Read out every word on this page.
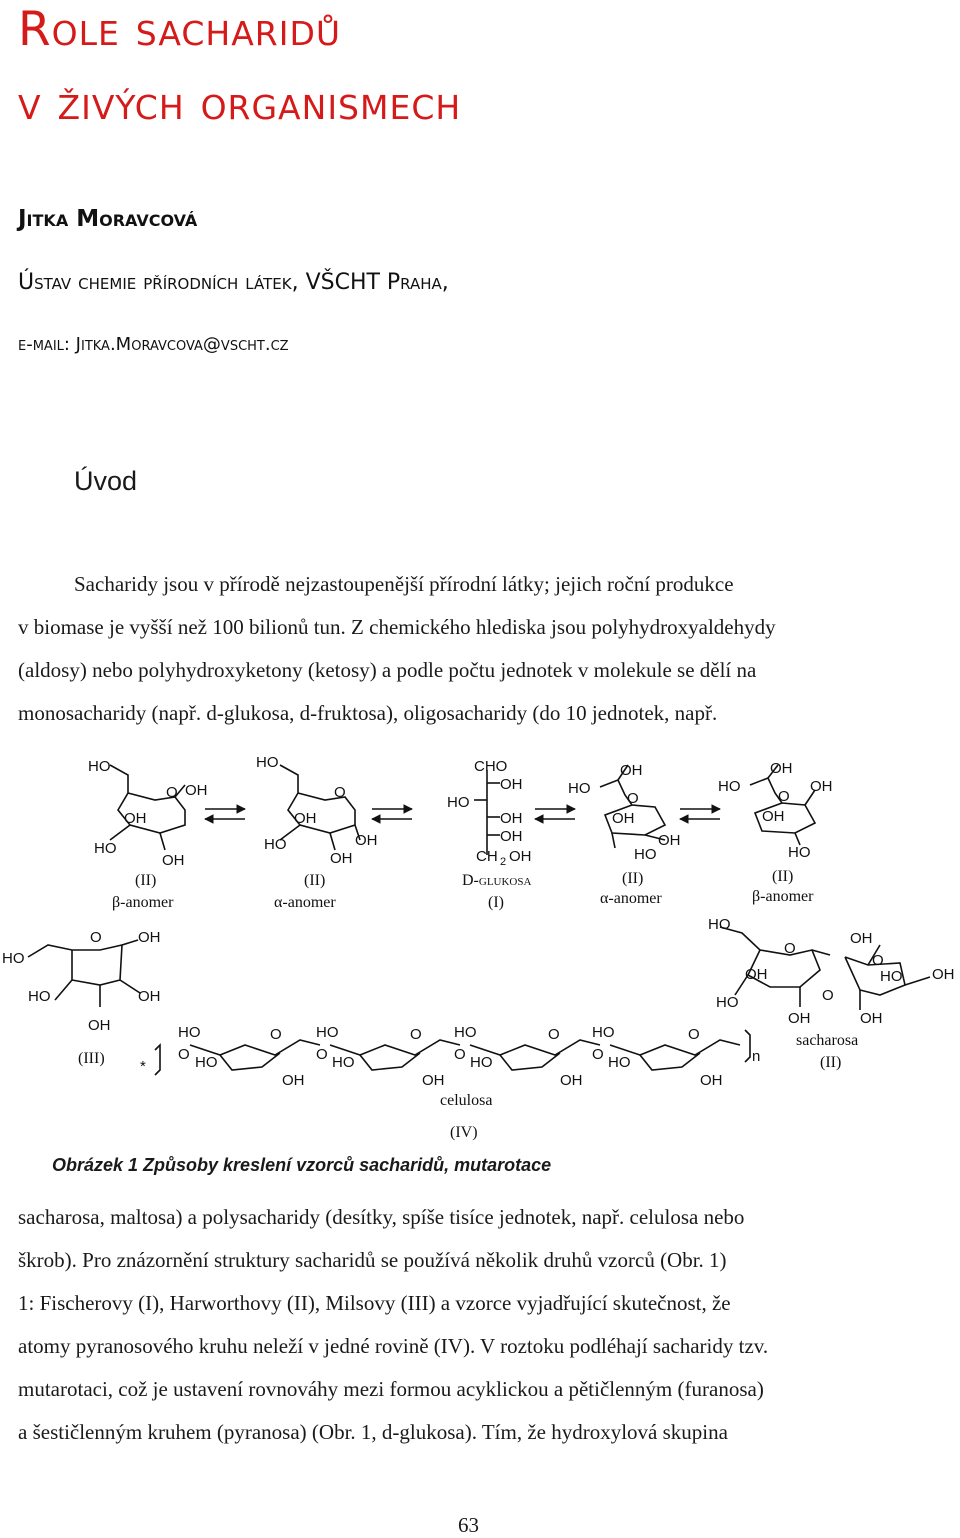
Role sacharidů
v živých organismech

Jitka Moravcová

Ústav chemie přírodních látek, VŠCHT Praha,

e-mail: Jitka.Moravcova@vscht.cz

Úvod

Sacharidy jsou v přírodě nejzastoupenější přírodní látky; jejich roční produkce

v biomase je vyšší než 100 bilionů tun. Z chemického hlediska jsou polyhydroxyaldehydy

(aldosy) nebo polyhydroxyketony (ketosy) a podle počtu jednotek v molekule se dělí na

monosacharidy (např. d-glukosa, d-fruktosa), oligosacharidy (do 10 jednotek, např.

HO
O OH
OH
HO
OH
(II)
β-anomer
HO
O
OH
HO	OH
OH
(II)
α-anomer
CHO
OH
HO
OH
OH
CH 2 OH
D-glukosa
(I)
HO
OH
O
OH
OH
HO
(II)
α-anomer
HO
OH
O
OH
OH
HO
(II)
β-anomer
HO
O OH
HO	OH
OH
(III) *
HO
O HO
O
OH
HO
O HO
O
OH
HO
O HO
O
OH
HO
O HO
O
OH
n
celulosa
(IV)
HO
O
OH
O
OH	HO OH
O
HO
OH	OH
sacharosa
(II)

Obrázek 1 Způsoby kreslení vzorců sacharidů, mutarotace

sacharosa, maltosa) a polysacharidy (desítky, spíše tisíce jednotek, např. celulosa nebo

škrob). Pro znázornění struktury sacharidů se používá několik druhů vzorců (Obr. 1)

1: Fischerovy (I), Harworthovy (II), Milsovy (III) a vzorce vyjadřující skutečnost, že

atomy pyranosového kruhu neleží v jedné rovině (IV). V roztoku podléhají sacharidy tzv.

mutarotaci, což je ustavení rovnováhy mezi formou acyklickou a pětičlenným (furanosa)

a šestičlenným kruhem (pyranosa) (Obr. 1, d-glukosa). Tím, že hydroxylová skupina

63
